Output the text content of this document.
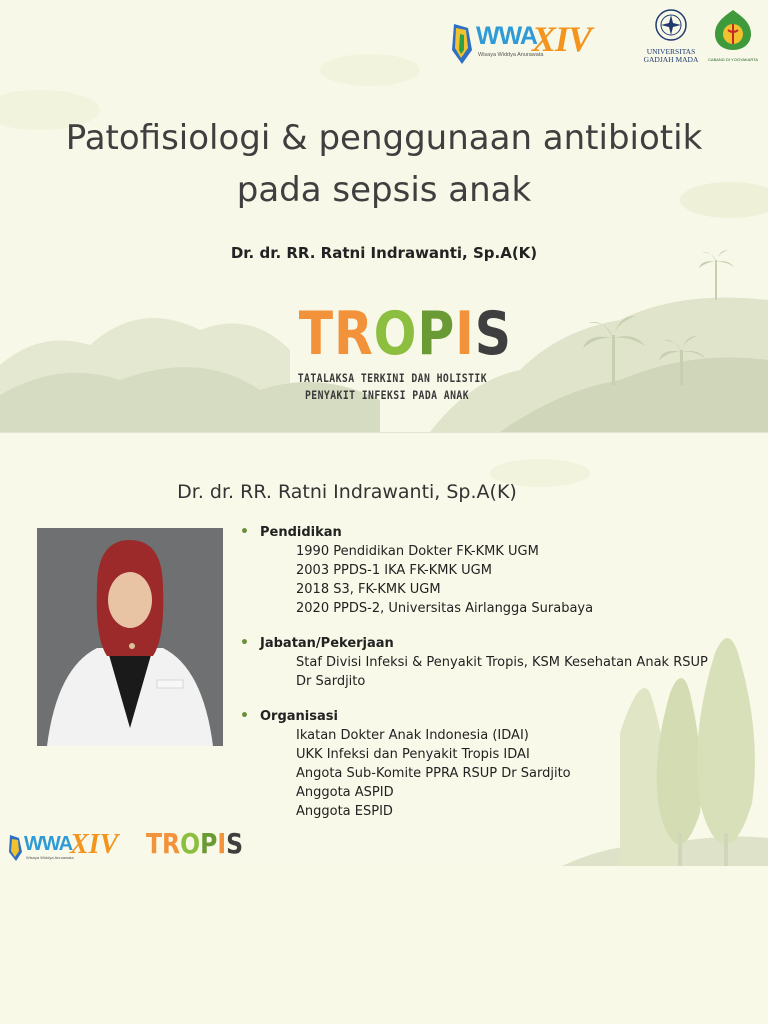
WWA
XIV
Wisaya Widdya Anurawata	UNIVERSITAS
GADJAH MADA	CABANG DI YOGYAKARTA
Patofisiologi & penggunaan antibiotik
pada sepsis anak
Dr. dr. RR. Ratni Indrawanti, Sp.A(K)
TROPIS
TATALAKSA TERKINI DAN HOLISTIK
PENYAKIT INFEKSI PADA ANAK
Dr. dr. RR. Ratni Indrawanti, Sp.A(K)
• Pendidikan
1990 Pendidikan Dokter FK-KMK UGM
2003 PPDS-1 IKA FK-KMK UGM
2018 S3, FK-KMK UGM
2020 PPDS-2, Universitas Airlangga Surabaya
• Jabatan/Pekerjaan
Staf Divisi Infeksi & Penyakit Tropis, KSM Kesehatan Anak RSUP
Dr Sardjito
• Organisasi
Ikatan Dokter Anak Indonesia (IDAI)
UKK Infeksi dan Penyakit Tropis IDAI
Angota Sub-Komite PPRA RSUP Dr Sardjito
Anggota ASPID
Anggota ESPID
WWA
XIV
Wisaya Widdya Anurawata	TROPIS
